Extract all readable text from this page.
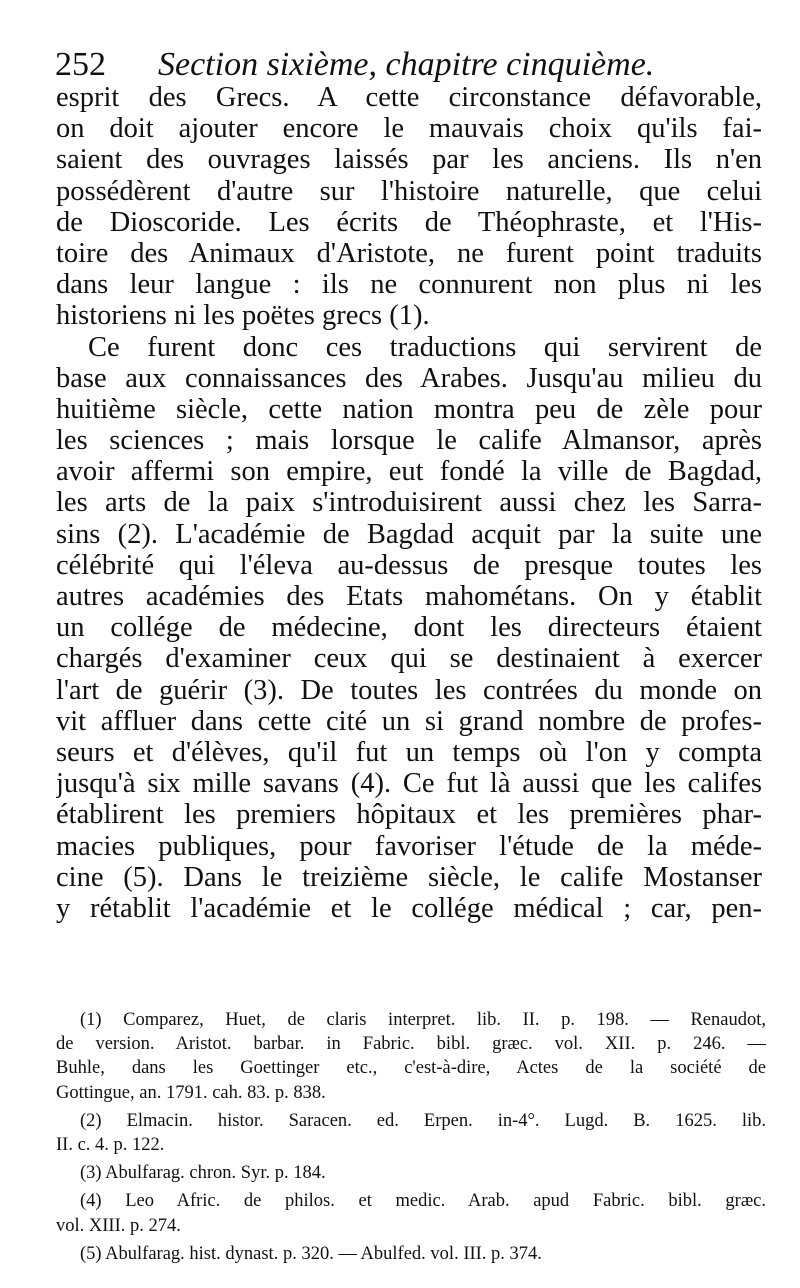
252 Section sixième, chapitre cinquième.
esprit des Grecs. A cette circonstance défavorable,
on doit ajouter encore le mauvais choix qu'ils fai-
saient des ouvrages laissés par les anciens. Ils n'en
possédèrent d'autre sur l'histoire naturelle, que celui
de Dioscoride. Les écrits de Théophraste, et l'His-
toire des Animaux d'Aristote, ne furent point traduits
dans leur langue : ils ne connurent non plus ni les
historiens ni les poëtes grecs (1).
Ce furent donc ces traductions qui servirent de
base aux connaissances des Arabes. Jusqu'au milieu du
huitième siècle, cette nation montra peu de zèle pour
les sciences ; mais lorsque le calife Almansor, après
avoir affermi son empire, eut fondé la ville de Bagdad,
les arts de la paix s'introduisirent aussi chez les Sarra-
sins (2). L'académie de Bagdad acquit par la suite une
célébrité qui l'éleva au-dessus de presque toutes les
autres académies des Etats mahométans. On y établit
un collége de médecine, dont les directeurs étaient
chargés d'examiner ceux qui se destinaient à exercer
l'art de guérir (3). De toutes les contrées du monde on
vit affluer dans cette cité un si grand nombre de profes-
seurs et d'élèves, qu'il fut un temps où l'on y compta
jusqu'à six mille savans (4). Ce fut là aussi que les califes
établirent les premiers hôpitaux et les premières phar-
macies publiques, pour favoriser l'étude de la méde-
cine (5). Dans le treizième siècle, le calife Mostanser
y rétablit l'académie et le collége médical ; car, pen-
(1) Comparez, Huet, de claris interpret. lib. II. p. 198. — Renaudot,
de version. Aristot. barbar. in Fabric. bibl. græc. vol. XII. p. 246. —
Buhle, dans les Goettinger etc., c'est-à-dire, Actes de la société de
Gottingue, an. 1791. cah. 83. p. 838.
(2) Elmacin. histor. Saracen. ed. Erpen. in-4°. Lugd. B. 1625. lib.
II. c. 4. p. 122.
(3) Abulfarag. chron. Syr. p. 184.
(4) Leo Afric. de philos. et medic. Arab. apud Fabric. bibl. græc.
vol. XIII. p. 274.
(5) Abulfarag. hist. dynast. p. 320. — Abulfed. vol. III. p. 374.
